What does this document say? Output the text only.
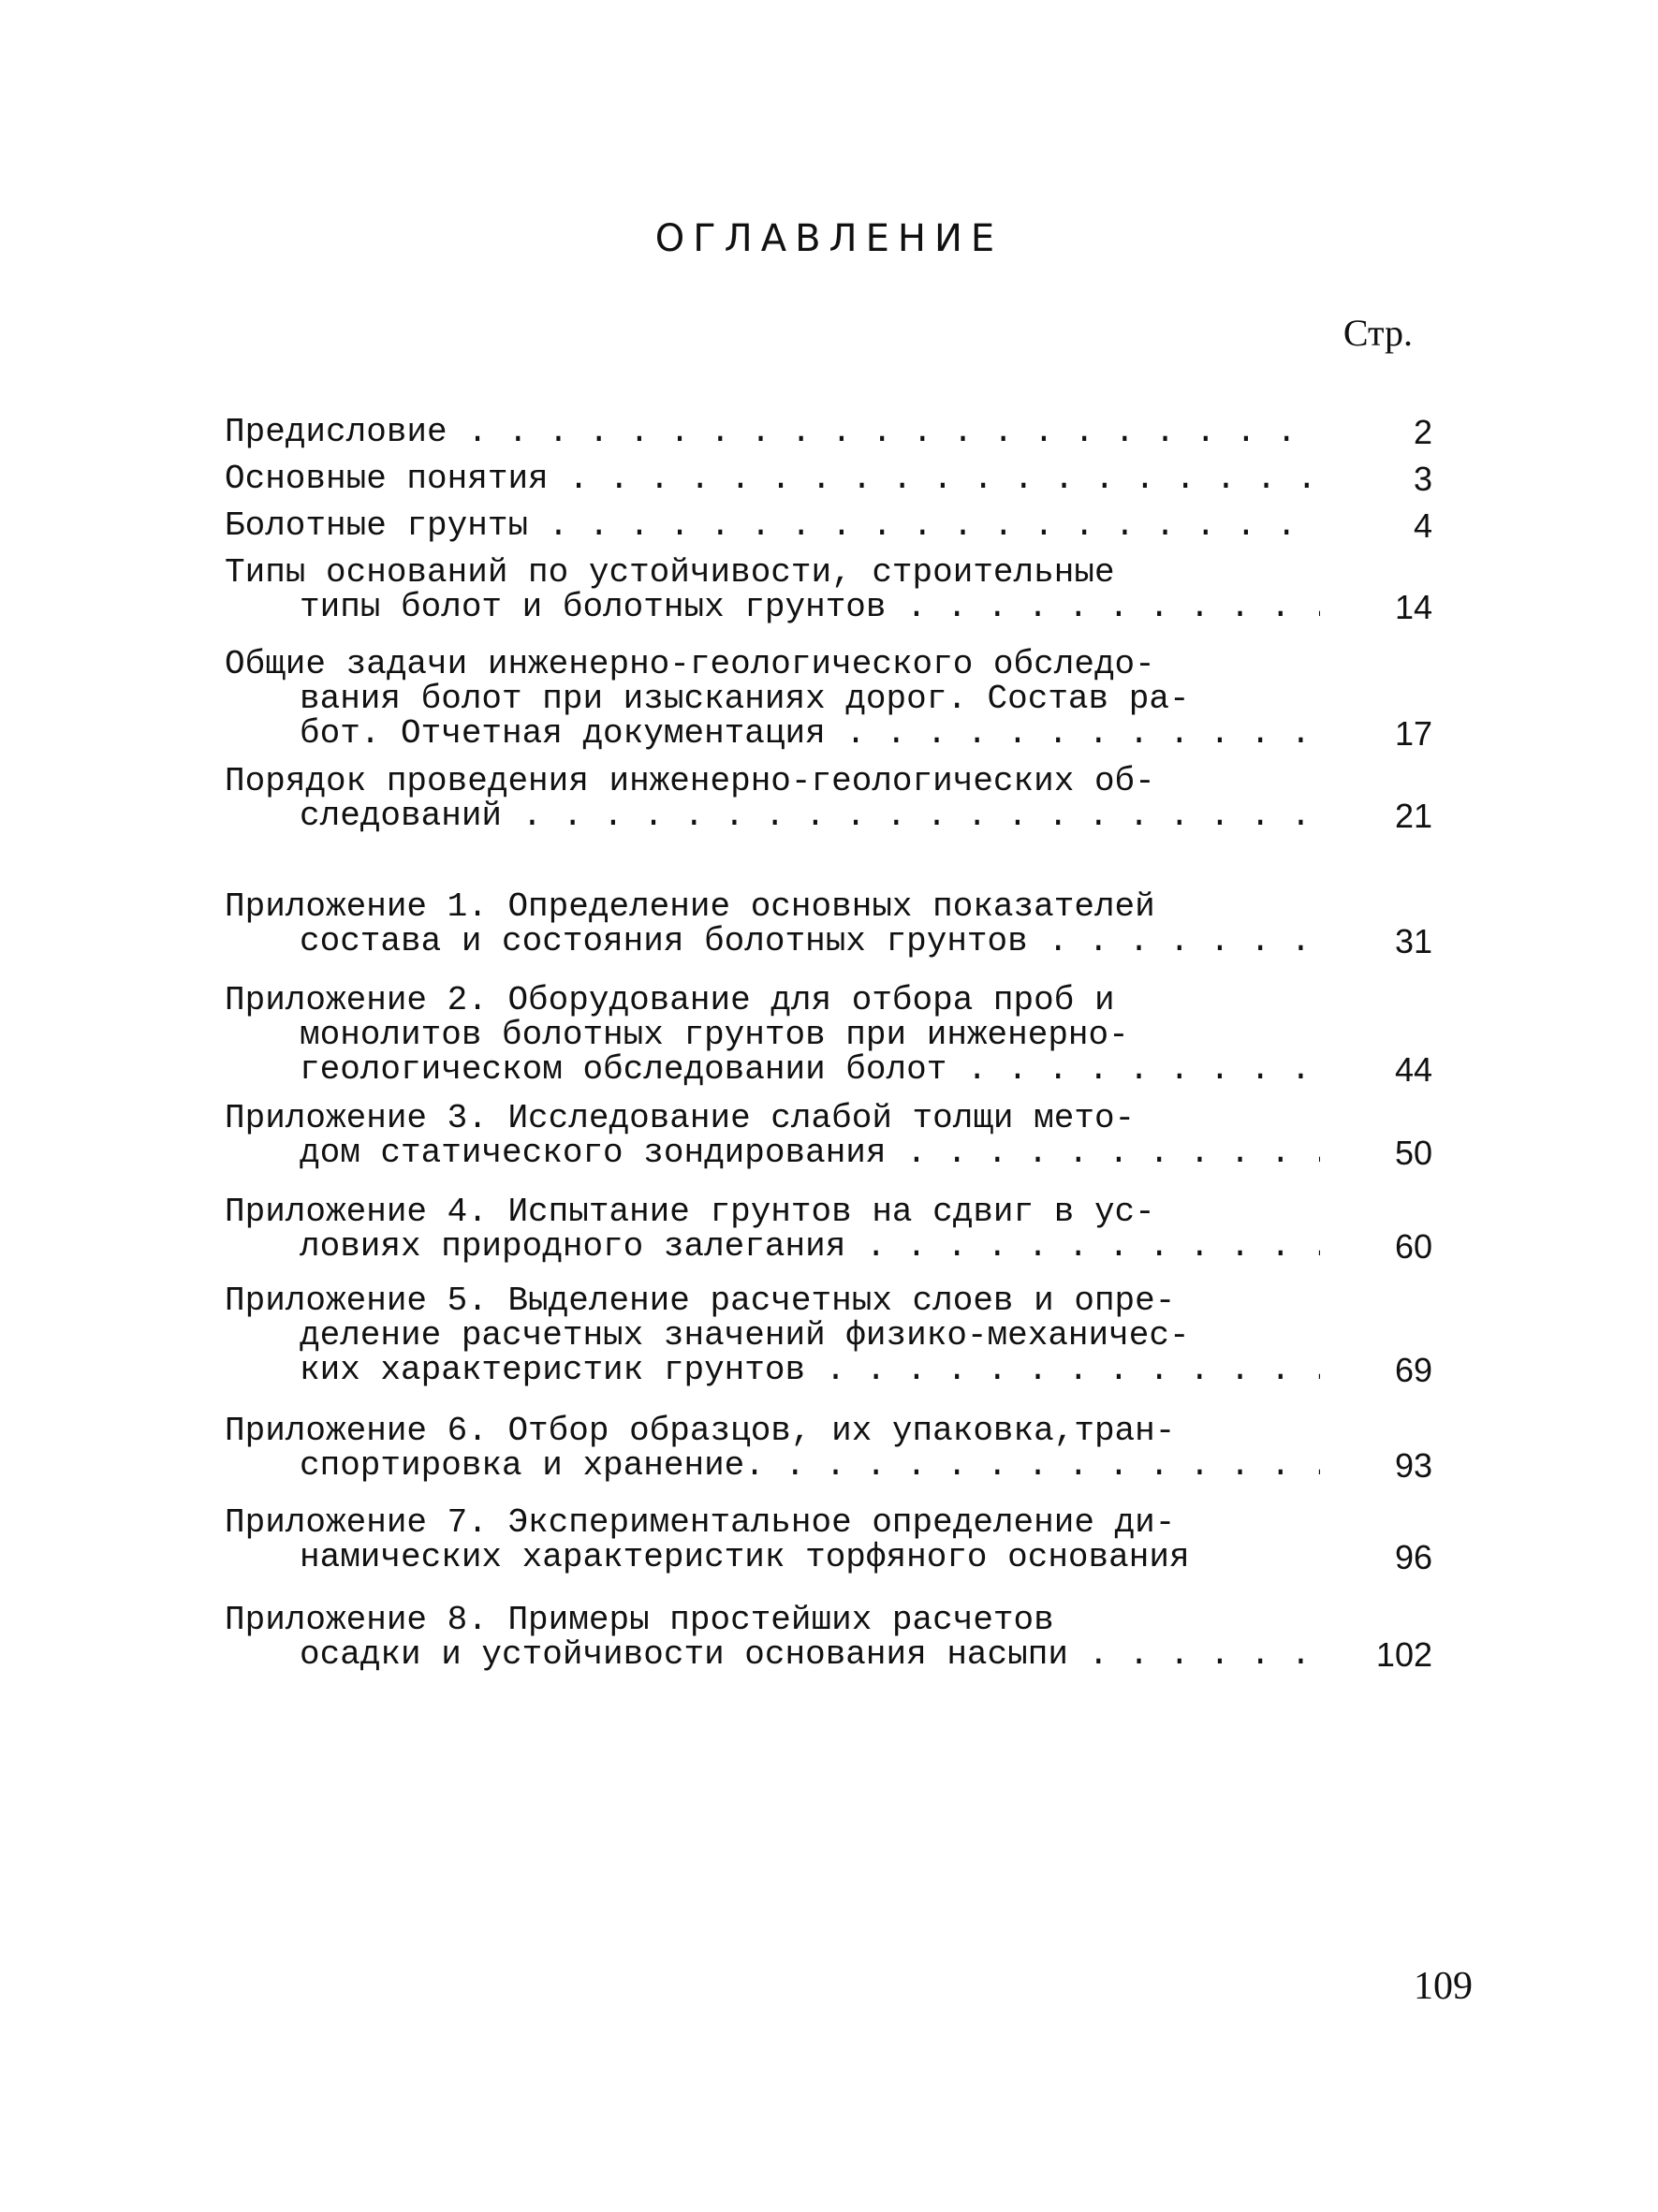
ОГЛАВЛЕНИЕ
Стр.
Предисловие . . .	2
Основные понятия . . .	3
Болотные грунты . . .	4
Типы оснований по устойчивости, строительные
типы болот и болотных грунтов . . .	14
Общие задачи инженерно-геологического обследо-
вания болот при изысканиях дорог. Состав ра-
бот. Отчетная документация . . .	17
Порядок проведения инженерно-геологических об-
следований . . .	21
Приложение 1. Определение основных показателей
состава и состояния болотных грунтов . . .	31
Приложение 2. Оборудование для отбора проб и
монолитов болотных грунтов при инженерно-
геологическом обследовании болот . . .	44
Приложение 3. Исследование слабой толщи мето-
дом статического зондирования . . .	50
Приложение 4. Испытание грунтов на сдвиг в ус-
ловиях природного залегания . . .	60
Приложение 5. Выделение расчетных слоев и опре-
деление расчетных значений физико-механичес-
ких характеристик грунтов . . .	69
Приложение 6. Отбор образцов, их упаковка,тран-
спортировка и хранение. . . .	93
Приложение 7. Экспериментальное определение ди-
намических характеристик торфяного основания	96
Приложение 8. Примеры простейших расчетов
осадки и устойчивости основания насыпи . . .	102
109
